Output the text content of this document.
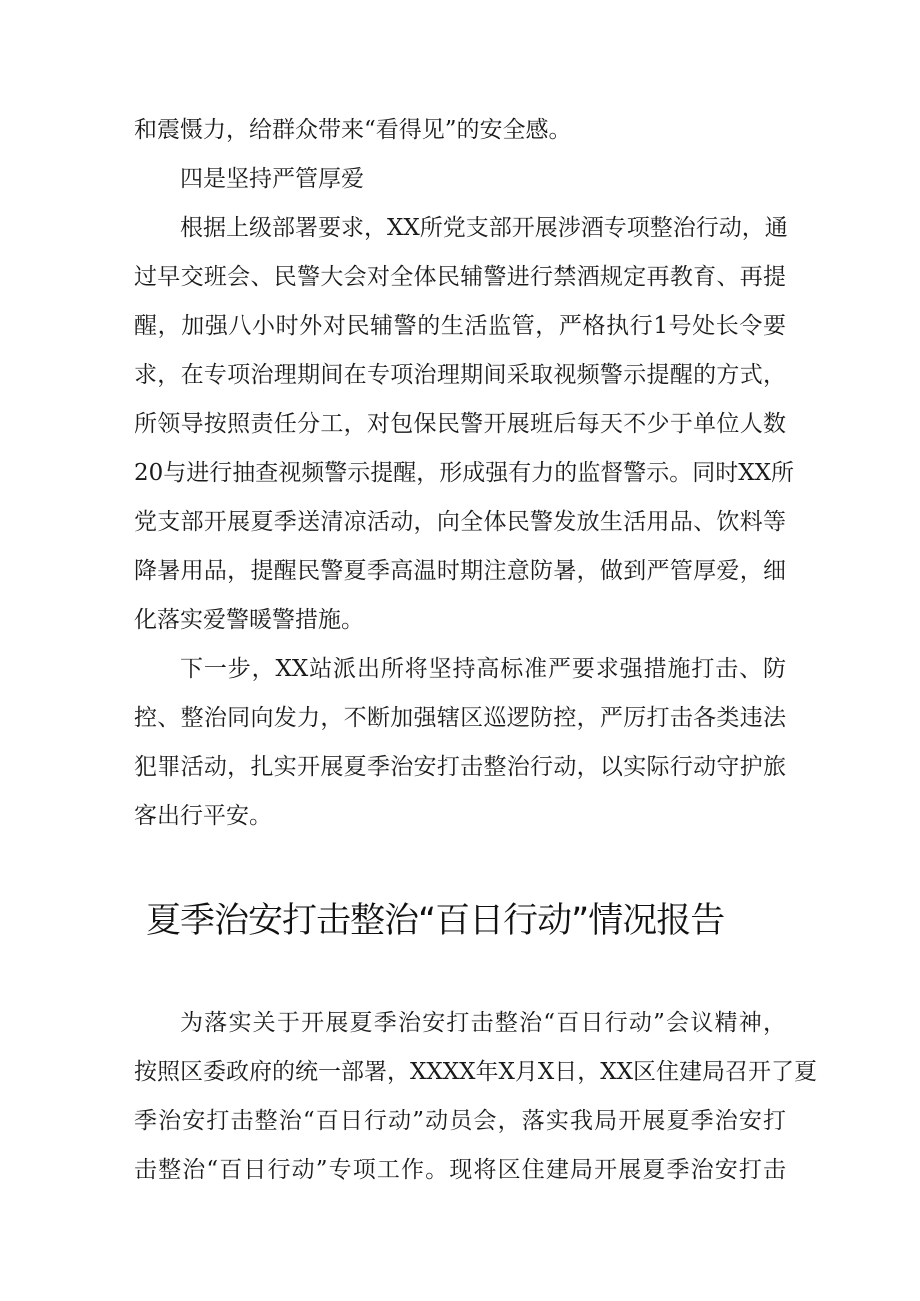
和震慑力，给群众带来“看得见”的安全感。

四是坚持严管厚爱

根据上级部署要求，XX所党支部开展涉酒专项整治行动，通

过早交班会、民警大会对全体民辅警进行禁酒规定再教育、再提

醒，加强八小时外对民辅警的生活监管，严格执行1号处长令要

求，在专项治理期间在专项治理期间采取视频警示提醒的方式，

所领导按照责任分工，对包保民警开展班后每天不少于单位人数

20与进行抽查视频警示提醒，形成强有力的监督警示。同时XX所

党支部开展夏季送清凉活动，向全体民警发放生活用品、饮料等

降暑用品，提醒民警夏季高温时期注意防暑，做到严管厚爱，细

化落实爱警暖警措施。

下一步，XX站派出所将坚持高标准严要求强措施打击、防

控、整治同向发力，不断加强辖区巡逻防控，严厉打击各类违法

犯罪活动，扎实开展夏季治安打击整治行动，以实际行动守护旅

客出行平安。

夏季治安打击整治“百日行动”情况报告

为落实关于开展夏季治安打击整治“百日行动”会议精神，

按照区委政府的统一部署，XXXX年X月X日，XX区住建局召开了夏

季治安打击整治“百日行动”动员会，落实我局开展夏季治安打

击整治“百日行动”专项工作。现将区住建局开展夏季治安打击
